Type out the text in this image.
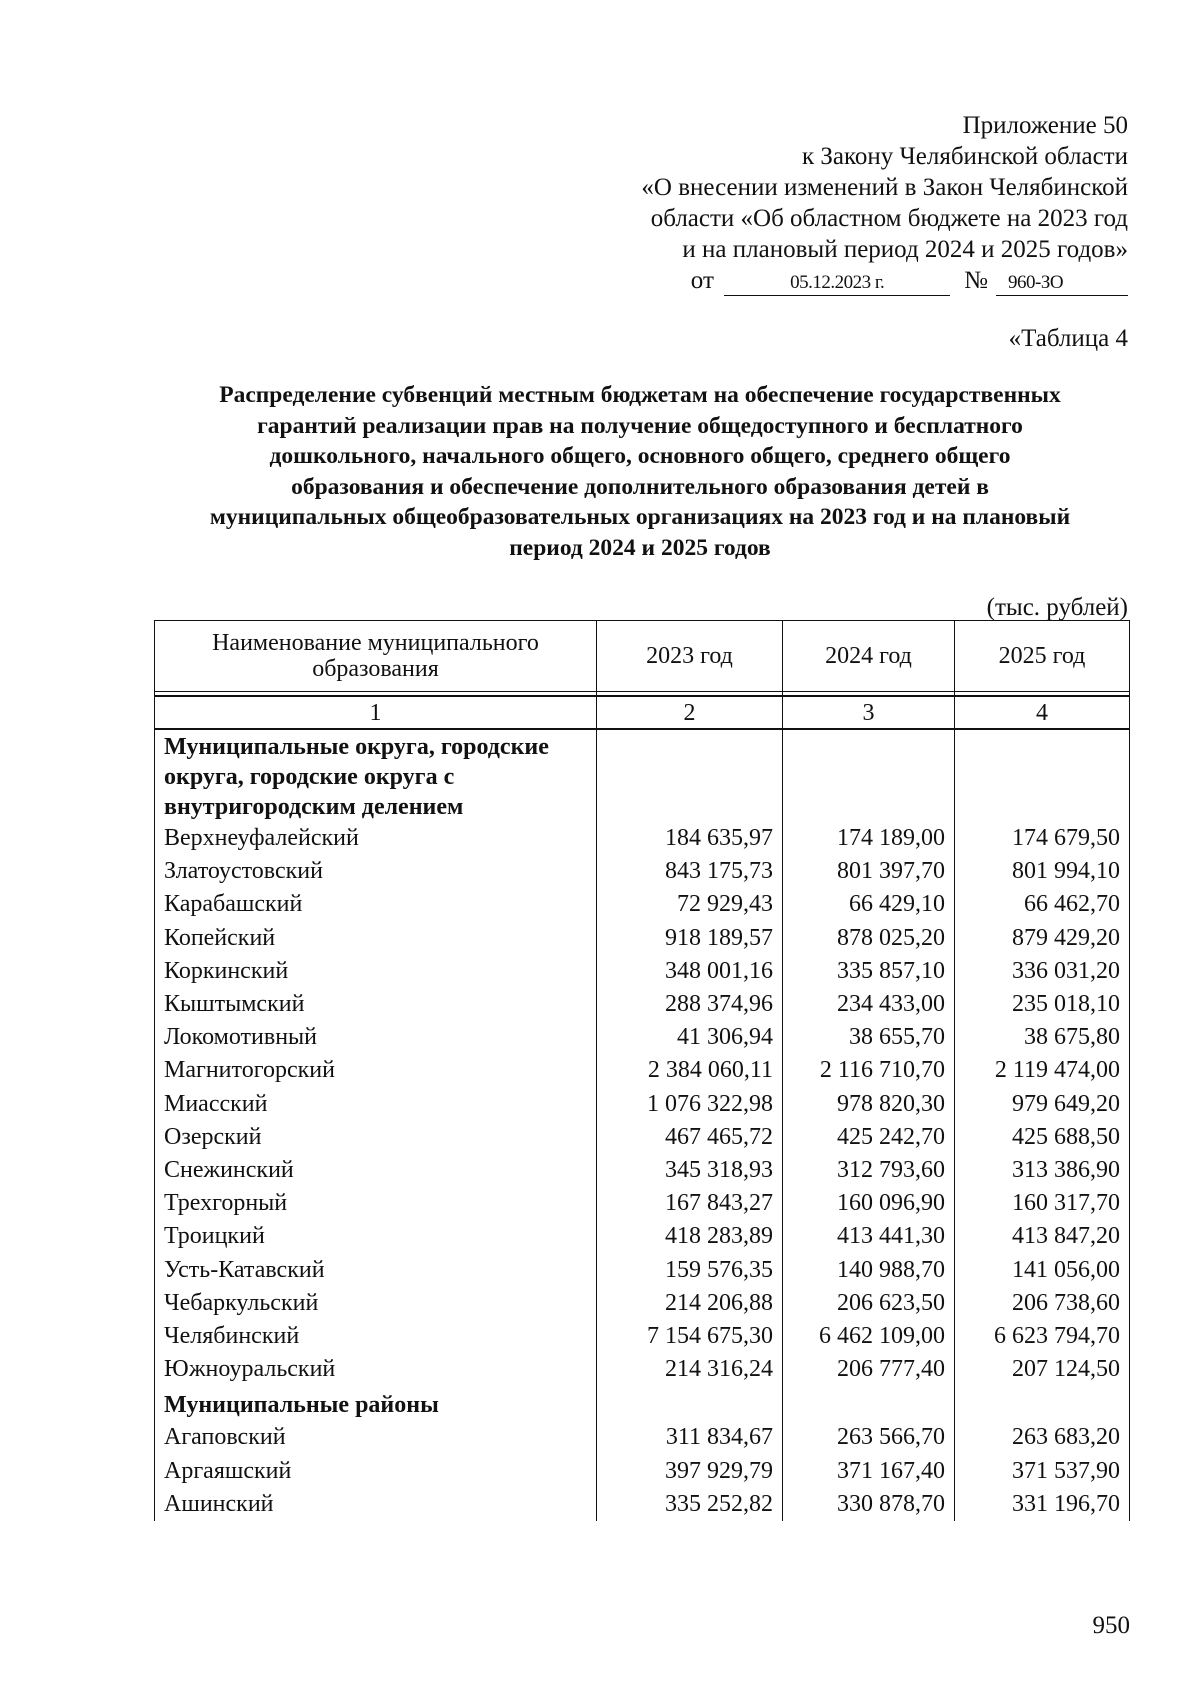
Приложение 50
к Закону Челябинской области
«О внесении изменений в Закон Челябинской
области «Об областном бюджете на 2023 год
и на плановый период 2024 и 2025 годов»
от	05.12.2023 г.	№ 960-ЗО
«Таблица 4
Распределение субвенций местным бюджетам на обеспечение государственных
гарантий реализации прав на получение общедоступного и бесплатного
дошкольного, начального общего, основного общего, среднего общего
образования и обеспечение дополнительного образования детей в
муниципальных общеобразовательных организациях на 2023 год и на плановый
период 2024 и 2025 годов
(тыс. рублей)
Наименование муниципального образования	2023 год	2024 год	2025 год

1	2	3	4
Муниципальные округа, городские округа, городские округа с внутригородским делением			
Верхнеуфалейский	184 635,97	174 189,00	174 679,50
Златоустовский	843 175,73	801 397,70	801 994,10
Карабашский	72 929,43	66 429,10	66 462,70
Копейский	918 189,57	878 025,20	879 429,20
Коркинский	348 001,16	335 857,10	336 031,20
Кыштымский	288 374,96	234 433,00	235 018,10
Локомотивный	41 306,94	38 655,70	38 675,80
Магнитогорский	2 384 060,11	2 116 710,70	2 119 474,00
Миасский	1 076 322,98	978 820,30	979 649,20
Озерский	467 465,72	425 242,70	425 688,50
Снежинский	345 318,93	312 793,60	313 386,90
Трехгорный	167 843,27	160 096,90	160 317,70
Троицкий	418 283,89	413 441,30	413 847,20
Усть-Катавский	159 576,35	140 988,70	141 056,00
Чебаркульский	214 206,88	206 623,50	206 738,60
Челябинский	7 154 675,30	6 462 109,00	6 623 794,70
Южноуральский	214 316,24	206 777,40	207 124,50
Муниципальные районы			
Агаповский	311 834,67	263 566,70	263 683,20
Аргаяшский	397 929,79	371 167,40	371 537,90
Ашинский	335 252,82	330 878,70	331 196,70
950
